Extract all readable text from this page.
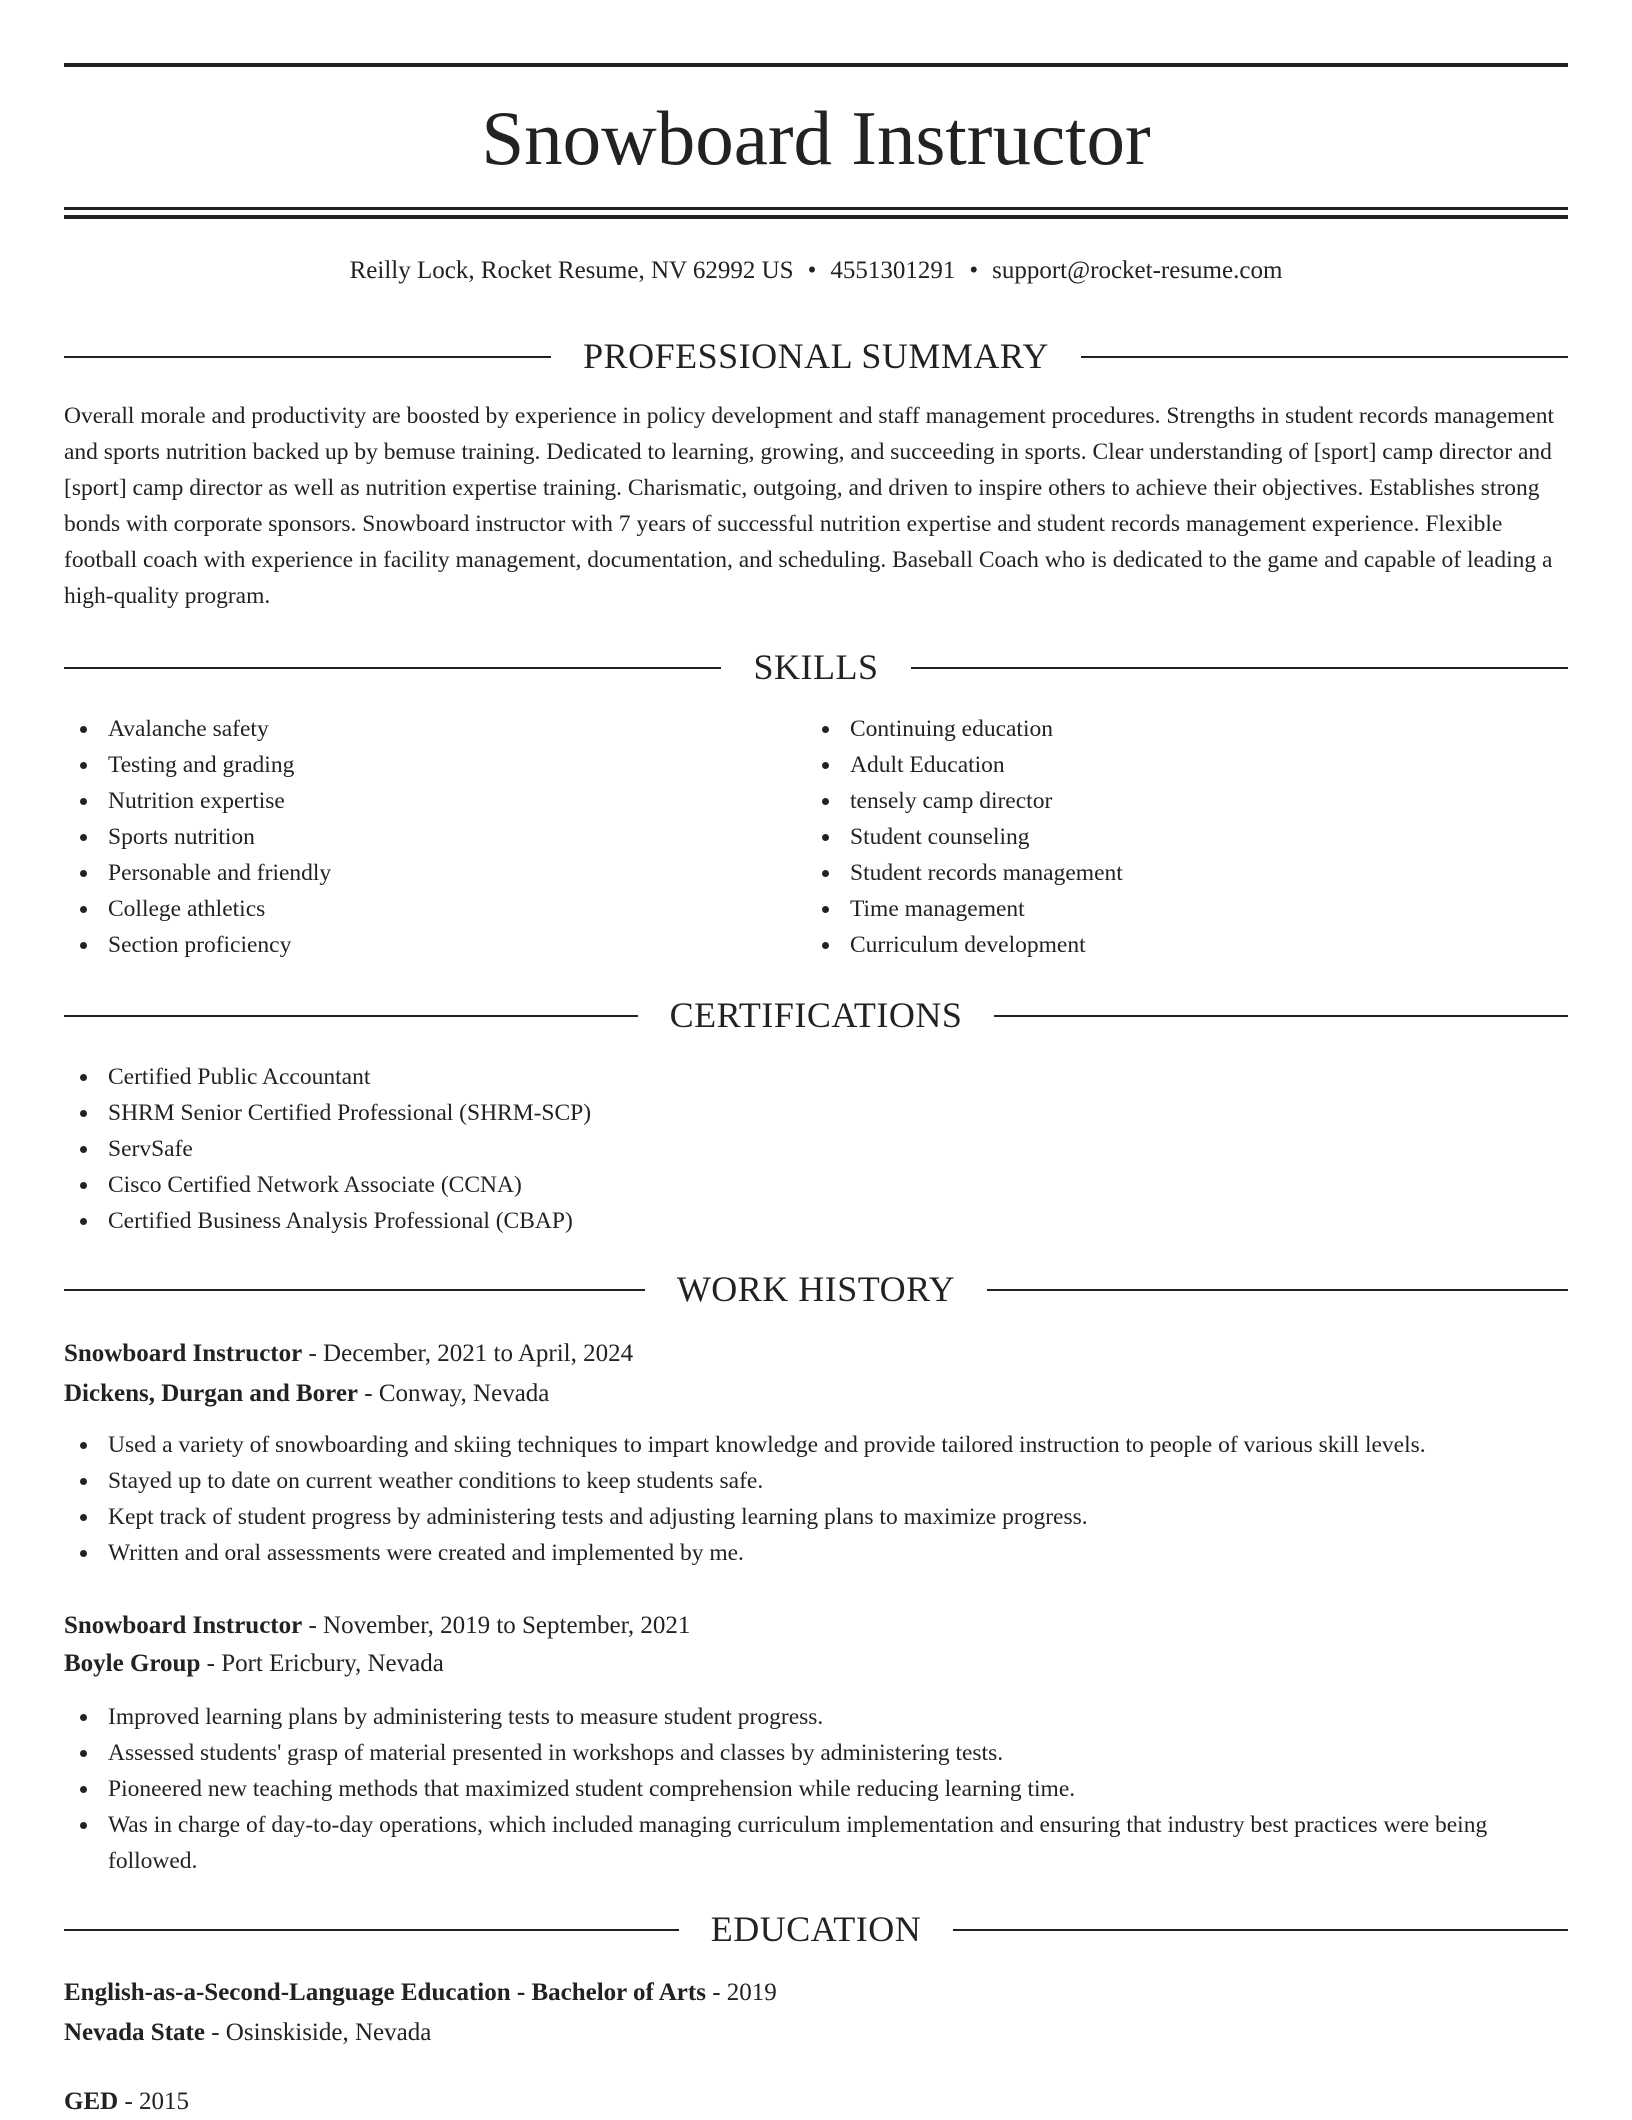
Snowboard Instructor
Reilly Lock, Rocket Resume, NV 62992 US • 4551301291 • support@rocket-resume.com
PROFESSIONAL SUMMARY

Overall morale and productivity are boosted by experience in policy development and staff management procedures. Strengths in student records management and sports nutrition backed up by bemuse training. Dedicated to learning, growing, and succeeding in sports. Clear understanding of [sport] camp director and [sport] camp director as well as nutrition expertise training. Charismatic, outgoing, and driven to inspire others to achieve their objectives. Establishes strong bonds with corporate sponsors. Snowboard instructor with 7 years of successful nutrition expertise and student records management experience. Flexible football coach with experience in facility management, documentation, and scheduling. Baseball Coach who is dedicated to the game and capable of leading a high-quality program.

SKILLS
Avalanche safety
Testing and grading
Nutrition expertise
Sports nutrition
Personable and friendly
College athletics
Section proficiency
Continuing education
Adult Education
tensely camp director
Student counseling
Student records management
Time management
Curriculum development
CERTIFICATIONS
Certified Public Accountant
SHRM Senior Certified Professional (SHRM-SCP)
ServSafe
Cisco Certified Network Associate (CCNA)
Certified Business Analysis Professional (CBAP)
WORK HISTORY
Snowboard Instructor - December, 2021 to April, 2024
Dickens, Durgan and Borer - Conway, Nevada
Used a variety of snowboarding and skiing techniques to impart knowledge and provide tailored instruction to people of various skill levels.
Stayed up to date on current weather conditions to keep students safe.
Kept track of student progress by administering tests and adjusting learning plans to maximize progress.
Written and oral assessments were created and implemented by me.
Snowboard Instructor - November, 2019 to September, 2021
Boyle Group - Port Ericbury, Nevada
Improved learning plans by administering tests to measure student progress.
Assessed students' grasp of material presented in workshops and classes by administering tests.
Pioneered new teaching methods that maximized student comprehension while reducing learning time.
Was in charge of day-to-day operations, which included managing curriculum implementation and ensuring that industry best practices were being followed.
EDUCATION
English-as-a-Second-Language Education - Bachelor of Arts - 2019
Nevada State - Osinskiside, Nevada
GED - 2015
